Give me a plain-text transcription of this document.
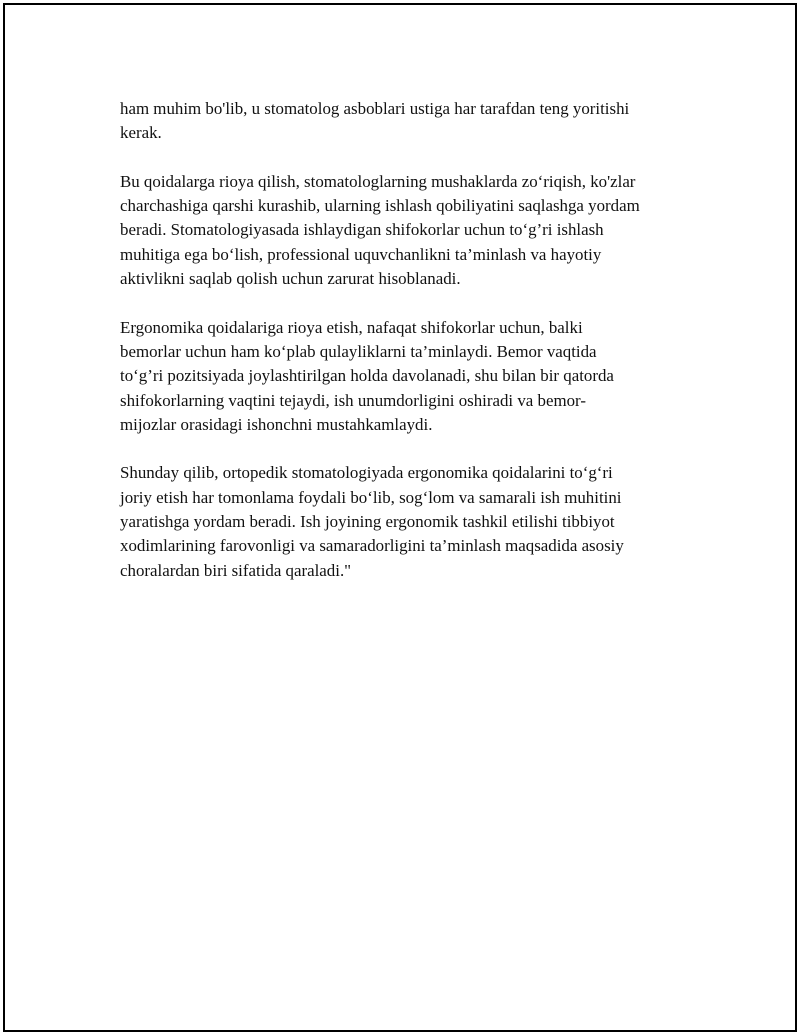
ham muhim bo'lib, u stomatolog asboblari ustiga har tarafdan teng yoritishi
kerak.

Bu qoidalarga rioya qilish, stomatologlarning mushaklarda zo‘riqish, ko'zlar
charchashiga qarshi kurashib, ularning ishlash qobiliyatini saqlashga yordam
beradi. Stomatologiyasada ishlaydigan shifokorlar uchun to‘g’ri ishlash
muhitiga ega bo‘lish, professional uquvchanlikni ta’minlash va hayotiy
aktivlikni saqlab qolish uchun zarurat hisoblanadi.

Ergonomika qoidalariga rioya etish, nafaqat shifokorlar uchun, balki
bemorlar uchun ham ko‘plab qulayliklarni ta’minlaydi. Bemor vaqtida
to‘g’ri pozitsiyada joylashtirilgan holda davolanadi, shu bilan bir qatorda
shifokorlarning vaqtini tejaydi, ish unumdorligini oshiradi va bemor-
mijozlar orasidagi ishonchni mustahkamlaydi.

Shunday qilib, ortopedik stomatologiyada ergonomika qoidalarini to‘g‘ri
joriy etish har tomonlama foydali bo‘lib, sog‘lom va samarali ish muhitini
yaratishga yordam beradi. Ish joyining ergonomik tashkil etilishi tibbiyot
xodimlarining farovonligi va samaradorligini ta’minlash maqsadida asosiy
choralardan biri sifatida qaraladi."
